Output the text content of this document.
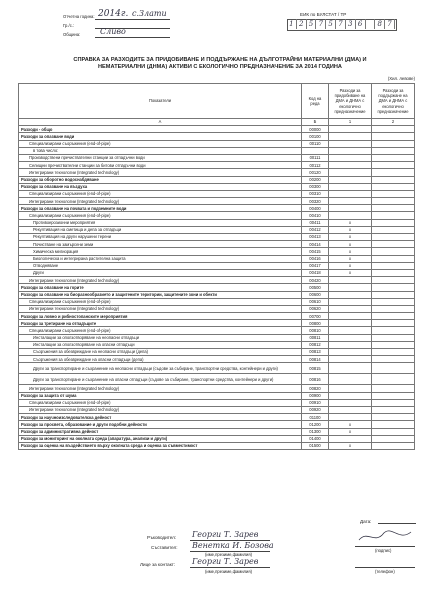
Отчетна година:
Гр./с.:
Община:
2014г. с.Злати
Сливо
ЕИК по БУЛСТАТ / ТР
1 2 5 7 5 7 3 6	8 7
СПРАВКА ЗА РАЗХОДИТЕ ЗА ПРИДОБИВАНЕ И ПОДДЪРЖАНЕ НА ДЪЛГОТРАЙНИ МАТЕРИАЛНИ (ДМА) И НЕМАТЕРИАЛНИ (ДНМА) АКТИВИ С ЕКОЛОГИЧНО ПРЕДНАЗНАЧЕНИЕ ЗА 2014 ГОДИНА
(Хил. левове)
Показатели	Код на реда	Разходи за придобиване на ДМА и ДНМА с екологично предназначение	Разходи за поддържане на ДМА и ДНМА с екологично предназначение
А	Б	1	2
Разходи - общо	00000		
Разходи за опазване води	00100		
Специализирани съоръжения (end-of-pipe)	00110		
в това число:			
Производствени пречиствателни станции за отпадъчни води	00111		
Селищни пречиствателни станции за битови отпадъчни води	00112		
Интегрирани технологии (Integrated technology)	00120		
Разходи за оборотно водоснабдяване	00200		
Разходи за опазване на въздуха	00300		
Специализирани съоръжения (end-of-pipe)	00310		
Интегрирани технологии (Integrated technology)	00320		
Разходи за опазване на почвата и подземните води	00400		
Специализирани съоръжения (end-of-pipe)	00410		
Противоерозионни мероприятия	00411	x	
Рекултивация на сметища и депа за отпадъци	00412	x	
Рекултивация на други нарушени терени	00413	x	
Почистване на замърсени земи	00414	x	
Химическа мелиорация	00415	x	
Биологическа и интегрирана растителна защита	00416	x	
Отводняване	00417	x	
Други	00418	x	
Интегрирани технологии (Integrated technology)	00420		
Разходи за опазване на горите	00500		
Разходи за опазване на биоразнообразието и защитените територии, защитените зони и обекти	00600		
Специализирани съоръжения (end-of-pipe)	00610		
Интегрирани технологии (Integrated technology)	00620		
Разходи за ловно и рибностопанските мероприятия	00700		
Разходи за третиране на отпадъците	00800		
Специализирани съоръжения (end-of-pipe)	00810		
Инсталации за оползотворяване на неопасни отпадъци	00811		
Инсталации за оползотворяване на опасни отпадъци	00812		
Съоръжения за обезвреждане на неопасни отпадъци (депа)	00813		
Съоръжения за обезвреждане на опасни отпадъци (депа)	00814		
Други за транспортиране и съхранение на неопасни отпадъци (съдове за събиране, транспортни средства, контейнери и други)	00815		
Други за транспортиране и съхранение на опасни отпадъци (съдове за събиране, транспортни средства, контейнери и други)	00816		
Интегрирани технологии (Integrated technology)	00820		
Разходи за защита от шума	00900		
Специализирани съоръжения (end-of-pipe)	00910		
Интегрирани технологии (Integrated technology)	00920		
Разходи за научноизследователска дейност	01100		
Разходи за просвета, образование и други подобни дейности	01200	x	
Разходи за административна дейност	01300	x	
Разходи за мониторинг на околната среда (апаратура, анализи и други)	01400		
Разходи за оценка на въздействието върху околната среда и оценка за съвместимост	01500	x	
Дата:
Ръководител: Георги Т. Зарев
Съставител: Венетка Й. Бозова
(име,презиме,фамилия)
(подпис)
Лице за контакт: Георги Т. Зарев
(име,презиме,фамилия)	(телефон)
